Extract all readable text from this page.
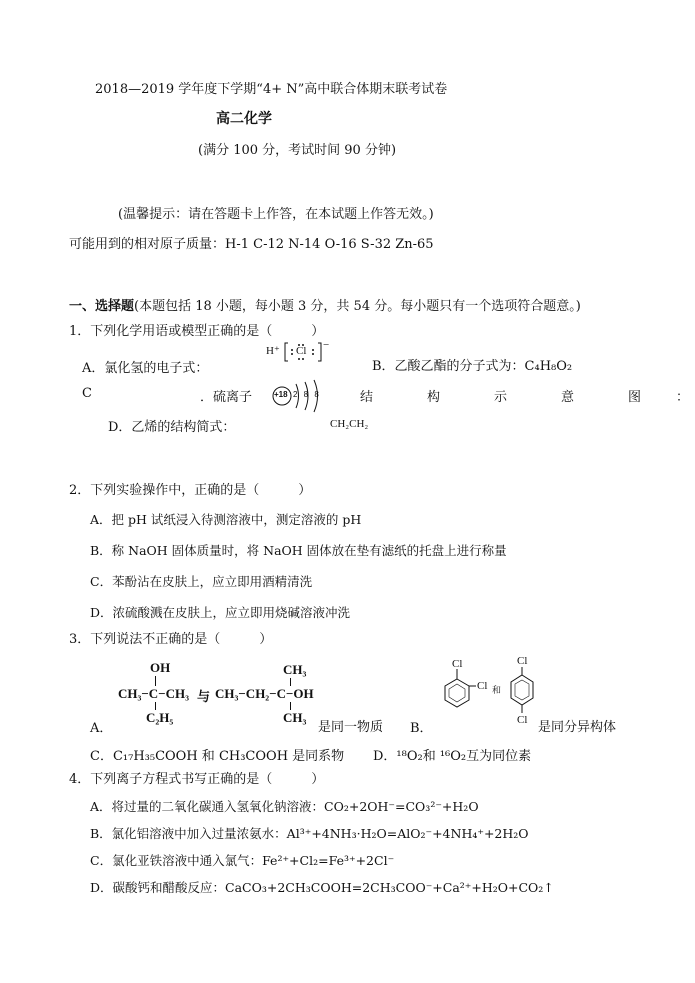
2018—2019 学年度下学期“4+ N”高中联合体期末联考试卷
高二化学
(满分 100 分，考试时间 90 分钟)
(温馨提示：请在答题卡上作答，在本试题上作答无效。)
可能用到的相对原子质量：H-1 C-12 N-14 O-16 S-32 Zn-65
一、选择题(本题包括 18 小题，每小题 3 分，共 54 分。每小题只有一个选项符合题意。)
1．下列化学用语或模型正确的是（　　　）
A．氯化氢的电子式：
H⁺ Cl −
B．乙酸乙酯的分子式为：C₄H₈O₂
C	．硫离子	+18 2 8 8	结	构	示	意	图	：
D．乙烯的结构简式：	CH₂CH₂
2．下列实验操作中，正确的是（　　　）
A．把 pH 试纸浸入待测溶液中，测定溶液的 pH
B．称 NaOH 固体质量时，将 NaOH 固体放在垫有滤纸的托盘上进行称量
C．苯酚沾在皮肤上，应立即用酒精清洗
D．浓硫酸溅在皮肤上，应立即用烧碱溶液冲洗
3．下列说法不正确的是（　　　）
OH
CH₃−C−CH₃
C₂H₅
与
CH₃
CH₃−CH₂−C−OH
CH₃
A．	是同一物质 B．
Cl
Cl 和
Cl
Cl 是同分异构体
C．C₁₇H₃₅COOH 和 CH₃COOH 是同系物 D．¹⁸O₂和 ¹⁶O₂互为同位素
4．下列离子方程式书写正确的是（　　　）
A．将过量的二氧化碳通入氢氧化钠溶液：CO₂+2OH⁻=CO₃²⁻+H₂O
B．氯化铝溶液中加入过量浓氨水：Al³⁺+4NH₃·H₂O=AlO₂⁻+4NH₄⁺+2H₂O
C．氯化亚铁溶液中通入氯气：Fe²⁺+Cl₂=Fe³⁺+2Cl⁻
D．碳酸钙和醋酸反应：CaCO₃+2CH₃COOH=2CH₃COO⁻+Ca²⁺+H₂O+CO₂↑
